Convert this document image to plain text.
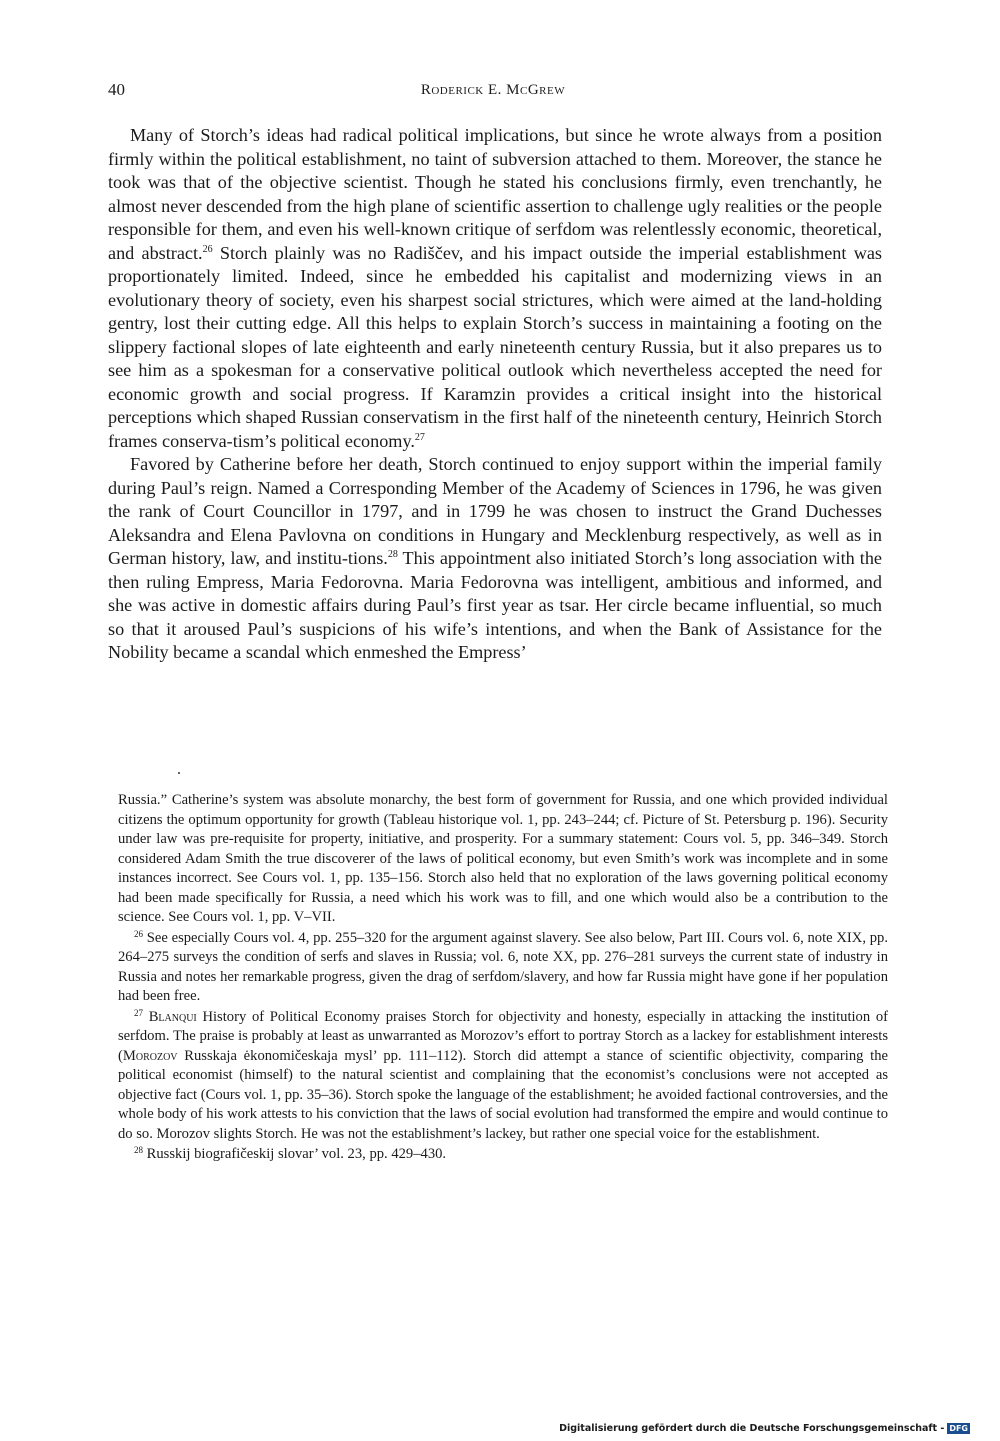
40	Roderick E. McGrew

Many of Storch’s ideas had radical political implications, but since he wrote always from a position firmly within the political establishment, no taint of subversion attached to them. Moreover, the stance he took was that of the objective scientist. Though he stated his conclusions firmly, even trenchantly, he almost never descended from the high plane of scientific assertion to challenge ugly realities or the people responsible for them, and even his well-known critique of serfdom was relentlessly economic, theoretical, and abstract.$^{26}$ Storch plainly was no Radiščev, and his impact outside the imperial establishment was proportionately limited. Indeed, since he embedded his capitalist and modernizing views in an evolutionary theory of society, even his sharpest social strictures, which were aimed at the land-holding gentry, lost their cutting edge. All this helps to explain Storch’s success in maintaining a footing on the slippery factional slopes of late eighteenth and early nineteenth century Russia, but it also prepares us to see him as a spokesman for a conservative political outlook which nevertheless accepted the need for economic growth and social progress. If Karamzin provides a critical insight into the historical perceptions which shaped Russian conservatism in the first half of the nineteenth century, Heinrich Storch frames conserva-tism’s political economy.$^{27}$

Favored by Catherine before her death, Storch continued to enjoy support within the imperial family during Paul’s reign. Named a Corresponding Member of the Academy of Sciences in 1796, he was given the rank of Court Councillor in 1797, and in 1799 he was chosen to instruct the Grand Duchesses Aleksandra and Elena Pavlovna on conditions in Hungary and Mecklenburg respectively, as well as in German history, law, and institu-tions.$^{28}$ This appointment also initiated Storch’s long association with the then ruling Empress, Maria Fedorovna. Maria Fedorovna was intelligent, ambitious and informed, and she was active in domestic affairs during Paul’s first year as tsar. Her circle became influential, so much so that it aroused Paul’s suspicions of his wife’s intentions, and when the Bank of Assistance for the Nobility became a scandal which enmeshed the Empress’

Russia.” Catherine’s system was absolute monarchy, the best form of government for Russia, and one which provided individual citizens the optimum opportunity for growth (Tableau historique vol. 1, pp. 243–244; cf. Picture of St. Petersburg p. 196). Security under law was pre-requisite for property, initiative, and prosperity. For a summary statement: Cours vol. 5, pp. 346–349. Storch considered Adam Smith the true discoverer of the laws of political economy, but even Smith’s work was incomplete and in some instances incorrect. See Cours vol. 1, pp. 135–156. Storch also held that no exploration of the laws governing political economy had been made specifically for Russia, a need which his work was to fill, and one which would also be a contribution to the science. See Cours vol. 1, pp. V–VII.

$^{26}$ See especially Cours vol. 4, pp. 255–320 for the argument against slavery. See also below, Part III. Cours vol. 6, note XIX, pp. 264–275 surveys the condition of serfs and slaves in Russia; vol. 6, note XX, pp. 276–281 surveys the current state of industry in Russia and notes her remarkable progress, given the drag of serfdom/slavery, and how far Russia might have gone if her population had been free.

$^{27}$ Blanqui History of Political Economy praises Storch for objectivity and honesty, especially in attacking the institution of serfdom. The praise is probably at least as unwarranted as Morozov’s effort to portray Storch as a lackey for establishment interests (Morozov Russkaja ėkonomičeskaja mysl’ pp. 111–112). Storch did attempt a stance of scientific objectivity, comparing the political economist (himself) to the natural scientist and complaining that the economist’s conclusions were not accepted as objective fact (Cours vol. 1, pp. 35–36). Storch spoke the language of the establishment; he avoided factional controversies, and the whole body of his work attests to his conviction that the laws of social evolution had transformed the empire and would continue to do so. Morozov slights Storch. He was not the establishment’s lackey, but rather one special voice for the establishment.

$^{28}$ Russkij biografičeskij slovar’ vol. 23, pp. 429–430.

Digitalisierung gefördert durch die Deutsche Forschungsgemeinschaft - DFG
